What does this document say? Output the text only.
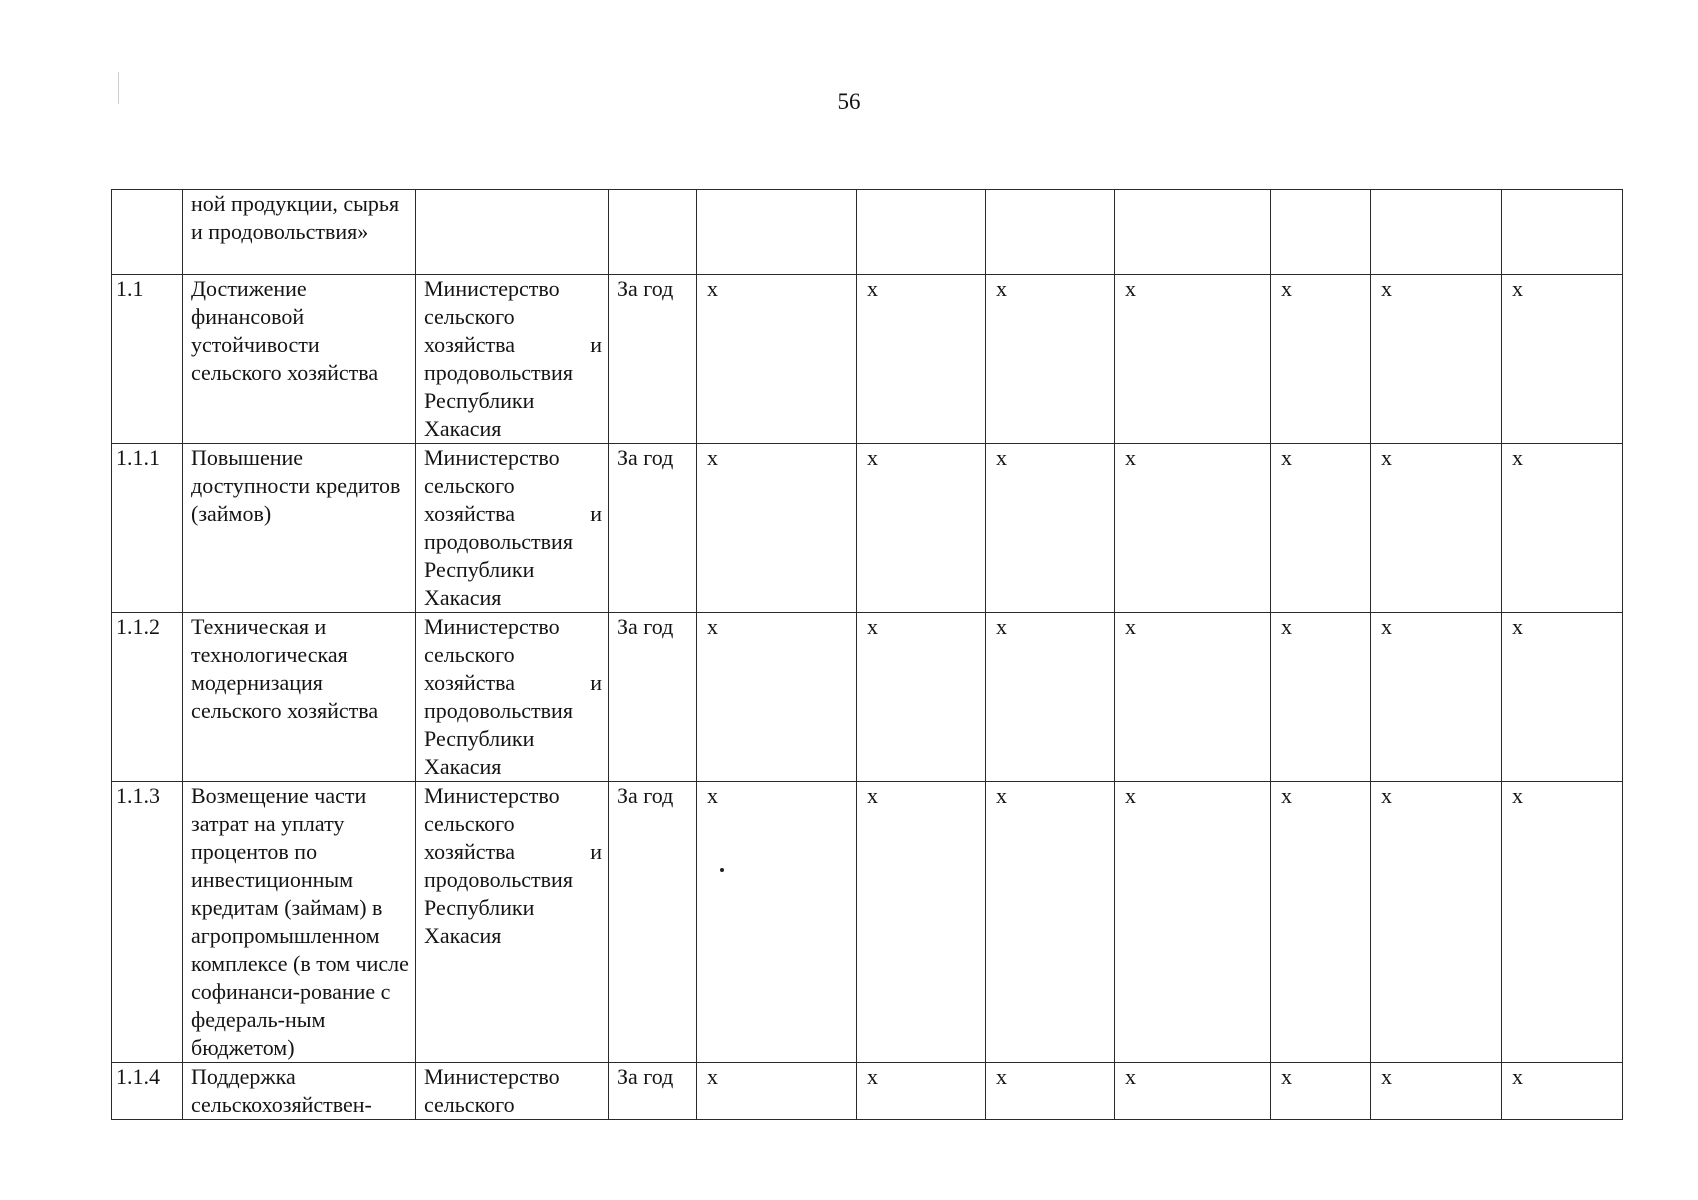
56
	ной продукции, сырья и продовольствия»									
1.1	Достижение финансовой устойчивости сельского хозяйства	Министерство сельского хозяйства и продовольствия Республики Хакасия	За год	x	x	x	x	x	x	x
1.1.1	Повышение доступности кредитов (займов)	Министерство сельского хозяйства и продовольствия Республики Хакасия	За год	x	x	x	x	x	x	x
1.1.2	Техническая и технологическая модернизация сельского хозяйства	Министерство сельского хозяйства и продовольствия Республики Хакасия	За год	x	x	x	x	x	x	x
1.1.3	Возмещение части затрат на уплату процентов по инвестиционным кредитам (займам) в агропромышленном комплексе (в том числе софинанси-рование с федераль-ным бюджетом)	Министерство сельского хозяйства и продовольствия Республики Хакасия	За год	x	x	x	x	x	x	x
1.1.4	Поддержка сельскохозяйствен-	Министерство сельского	За год	x	x	x	x	x	x	x
